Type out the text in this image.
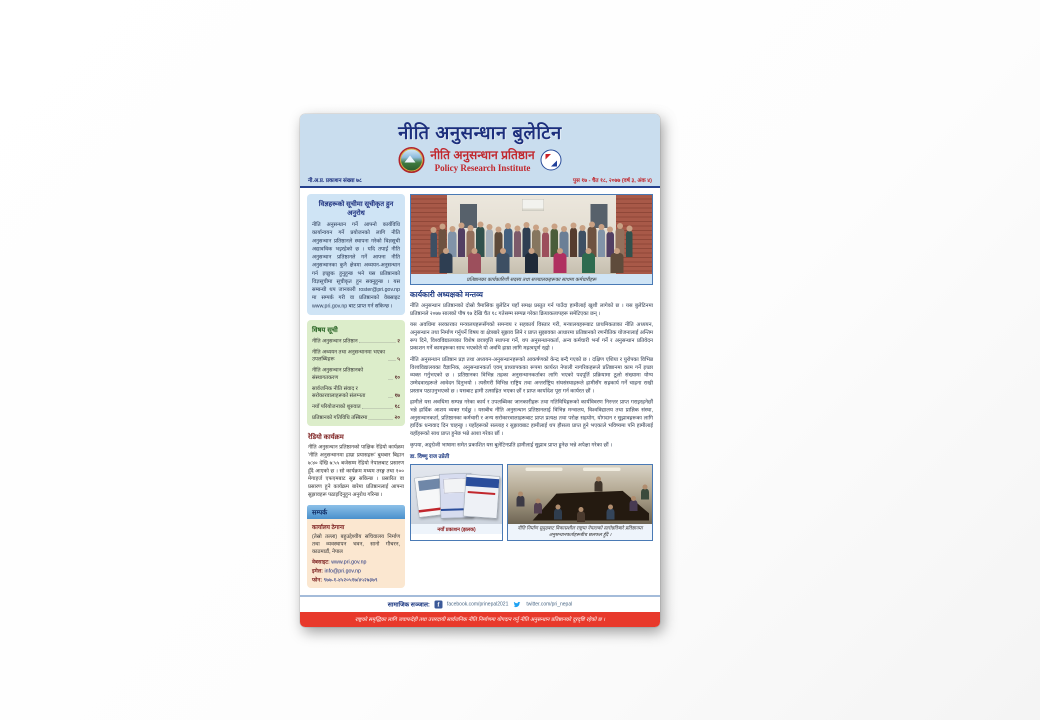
नीति अनुसन्धान बुलेटिन
नीति अनुसन्धान प्रतिष्ठान
Policy Research Institute
नी.अ.प्र. प्रकाशन संख्या ७८	पुस १७ - चैत १८, २०७७ (वर्ष ३, अंक ४)
विज्ञहरूको सूचीमा सूचीकृत हुन अनुरोध
नीति अनुसन्धान गर्ने आफ्नो कार्यविधि कार्यान्वयन गर्ने प्रयोजनको लागि नीति अनुसन्धान प्रतिष्ठानले स्थापना गरेको विज्ञसूची अद्यावधिक भइरहेको छ । यदि तपाईं नीति अनुसन्धान प्रतिष्ठानले गर्ने आफ्ना नीति अनुसन्धानका कुनै क्षेत्रमा अध्ययन-अनुसन्धान गर्न इच्छुक हुनुहुन्छ भने यस प्रतिष्ठानको विज्ञसूचीमा सूचीकृत हुन सक्नुहुन्छ । यस सम्बन्धी थप जानकारी roster@pri.gov.np मा सम्पर्क गरी वा प्रतिष्ठानको वेबसाइट www.pri.gov.np बाट प्राप्त गर्न सकिन्छ ।
विषय सूची
नीति अनुसन्धान प्रतिष्ठान	२
नीति अध्ययन तथा अनुसन्धानमा भएका उपलब्धिहरू	५
नीति अनुसन्धान प्रतिष्ठानको संस्थागतकरण	१०
सार्वजनिक नीति संवाद र सरोकारवालाहरूको संलग्नता	१७
नयाँ परियोजनाको शुरुवात	१८
प्रतिष्ठानको गतिविधि तस्बिरमा	२०
रेडियो कार्यक्रम
नीति अनुसन्धान प्रतिष्ठानको पाक्षिक रेडियो कार्यक्रम 'नीति अनुसन्धानमा हाम्रा प्रयासहरू' बुधबार बिहान ७:४० देखि ७:५५ बजेसम्म रेडियो नेपालबाट प्रसारण हुँदै आएको छ । सो कार्यक्रम मध्यम तरङ्ग तथा १०० मेगाहर्ज एफएमबाट सुन्न सकिन्छ । प्रसारित वा प्रसारण हुने कार्यक्रम बारेमा प्रतिष्ठानलाई आफ्ना सुझावहरू पठाइदिनुहुन अनुरोध गरिन्छ ।
सम्पर्क
कार्यालय ठेगाना
(तेस्रो तल्ला) बहुउद्देश्यीय सचिवालय निर्माण तथा व्यवस्थापन भवन, सानो गौचरन, काठमाडौं, नेपाल
वेबसाइट: www.pri.gov.np
इमेल: info@pri.gov.np
फोन: ९७७-१-४५२०५१७/४५२७३७९
प्रतिष्ठानका कार्यकारिणी सदस्य तथा सञ्चालकहरूका साथमा कर्मचारीहरू
कार्यकारी अध्यक्षको मन्तव्य

नीति अनुसन्धान प्रतिष्ठानको दोस्रो त्रैमासिक बुलेटिन यहाँ समक्ष प्रस्तुत गर्न पाउँदा हामीलाई खुशी लागेको छ । यस बुलेटिनमा प्रतिष्ठानले २०७७ सालको पौष १७ देखि चैत १८ गतेसम्म सम्पन्न गरेका क्रियाकलापहरू समेटिएका छन् ।

यस अवधिमा सरकारका मन्त्रालयहरूसँगको समन्वय र सहकार्य विस्तार गरी, मन्त्रालयहरूबाट प्राथमिकताका नीति अध्ययन, अनुसन्धान तथा निर्माण गर्नुपर्ने विषय वा क्षेत्रबारे सुझाव लिने र प्राप्त सुझावका आधारमा प्रतिष्ठानको रणनीतिक योजनालाई अन्तिम रूप दिने, विश्वविद्यालयका विशेष छात्रवृत्ति स्थापना गर्ने, थप अनुसन्धानकर्ता, अन्य कर्मचारी भर्ना गर्ने र अनुसन्धान प्रतिवेदन प्रकाशन गर्ने कामहरूका साथ भएकोले यो अवधि हाम्रा लागि महत्वपूर्ण रह्यो ।

नीति अनुसन्धान प्रतिष्ठान प्रज्ञ तथा अध्ययन-अनुसन्धानहरूको आकर्षणको केन्द्र बन्दै गएको छ । दक्षिण एशिया र युरोपका विभिन्न विश्वविद्यालयका वैज्ञानिक, अनुसन्धानकर्ता एवम् प्राध्यापकका रूपमा कार्यरत नेपाली नागरिकहरूले प्रतिष्ठानमा काम गर्ने इच्छा व्यक्त गर्नुभएको छ । प्रतिष्ठानका विभिन्न तहका अनुसन्धानकर्ताका लागि भएको पदपूर्ति प्रक्रियामा ठूलो संख्यामा योग्य उम्मेदवारहरूले आवेदन दिनुभयो । त्यसैगरी विभिन्न राष्ट्रिय तथा अन्तर्राष्ट्रिय संघसंस्थाहरूले हामीसँग सहकार्य गर्ने चाहना राखी प्रस्ताव पठाउनुभएको छ । यसबाट हामी उत्साहित भएका छौं र प्राप्त कार्यादेश पूरा गर्न कार्यरत छौं ।

हामीले यस अवधिमा सम्पन्न गरेका कार्य र उपलब्धिका जानकारीहरू तथा गतिविधिहरूको कार्यविवरण निरन्तर प्राप्त गराइरहनेछौं भन्ने हार्दिक आशय व्यक्त गर्दछु । यसबीच नीति अनुसन्धान प्रतिष्ठानलाई विभिन्न मन्त्रालय, विश्वविद्यालय तथा प्राज्ञिक संस्था, अनुसन्धानकर्ता, प्रतिष्ठानका कर्मचारी र अन्य सरोकारवालाहरूबाट प्राप्त प्रत्यक्ष तथा परोक्ष सहयोग, योगदान र सुझावहरूका लागि हार्दिक धन्यवाद दिन चाहन्छु । यहाँहरूको सल्लाह र सुझावबाट हामीलाई थप हौसला प्राप्त हुने भएकाले भविष्यमा पनि हामीलाई यहाँहरूको साथ प्राप्त हुनेछ भन्ने आशा गरेका छौं ।

कृपया, अङ्ग्रेजी भाषामा समेत प्रकाशित यस बुलेटिनप्रति हामीलाई सुझाव प्राप्त हुनेछ भन्ने अपेक्षा गरेका छौं ।

डा. विष्णु राज उप्रेती
नयाँ प्रकाशन (झलक)	नीति निर्माण सुदृढबाट विकासशील राष्ट्रमा नेपालको स्तरोन्नतिबारे प्रतिष्ठानमा अनुसन्धानकर्ताहरूबीच छलफल हुँदै ।
सामाजिक सञ्जाल: f facebook.com/prinepal2021 twitter.com/pri_nepal
राष्ट्रको समृद्धिका लागि जवाफदेही तथा उत्तरदायी सार्वजनिक नीति निर्माणमा योगदान गर्नु नीति अनुसन्धान प्रतिष्ठानको दूरदृष्टि रहेको छ ।
